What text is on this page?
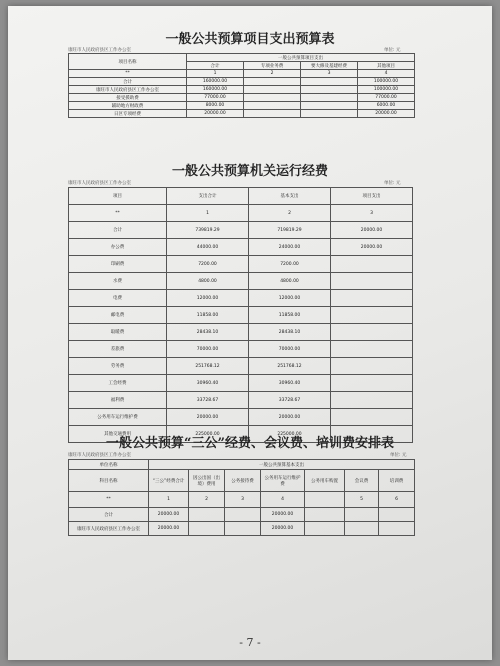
一般公共预算项目支出预算表
康旺市人民政府县区工作办公室	单位: 元
项目名称	一般公共预算项目支出			
	合计	专项业务费	要大修及基建经费	其他项目
**	1	2	3	4
合计	160000.00			100000.00
康旺市人民政府县区工作办公室	160000.00			100000.00
接受援助费	77000.00			77000.00
辅助地方财政费	8000.00			6000.00
日区专项经费	20000.00			20000.00
一般公共预算机关运行经费
康旺市人民政府县区工作办公室	单位: 元
项目	支出合计	基本支出	项目支出
**	1	2	3
合计	739819.29	719819.29	20000.00
办公费	44000.00	24000.00	20000.00
印刷费	7200.00	7200.00	
水费	4800.00	4800.00	
电费	12000.00	12000.00	
邮电费	11858.00	11858.00	
取暖费	28438.10	28438.10	
差旅费	70000.00	70000.00	
劳务费	251768.12	251768.12	
工会经费	30960.40	30960.40	
福利费	33728.67	33728.67	
公务用车运行维护费	20000.00	20000.00	
其他交通费用	225000.00	225000.00	
一般公共预算“三公”经费、会议费、培训费安排表
康旺市人民政府县区工作办公室	单位: 元
单位名称	一般公共预算基本支出						
科目名称	“三公”经费合计	因公出国（出境）费用	公务接待费	公务用车运行维护费	公务用车购置	会议费	培训费
**	1	2	3	4		5	6
合计	20000.00			20000.00			
康旺市人民政府县区工作办公室	20000.00			20000.00			
- 7 -
